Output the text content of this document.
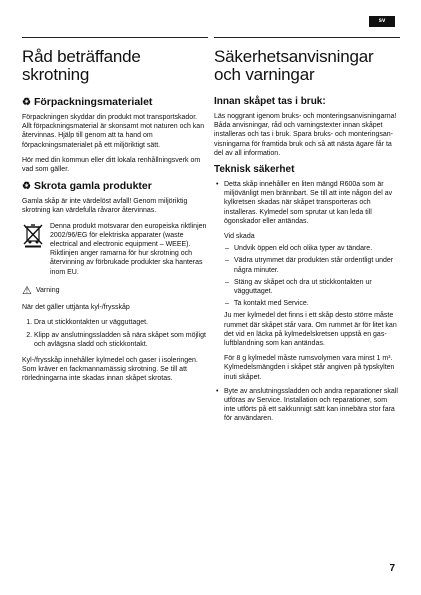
sv
Råd beträffande
skrotning
♻ Förpackningsmaterialet

Förpackningen skyddar din produkt mot transportskador. Allt förpackningsmaterial är skonsamt mot naturen och kan återvinnas. Hjälp till genom att ta hand om förpackningsmaterialet på ett miljöriktigt sätt.

Hör med din kommun eller ditt lokala renhållningsverk om vad som gäller.

♻ Skrota gamla produkter

Gamla skåp är inte värdelöst avfall! Genom miljöriktig skrotning kan värdefulla råvaror återvinnas.

Denna produkt motsvarar den europeiska riktlinjen 2002/96/EG för elektriska apparater (waste electrical and electronic equipment – WEEE). Riktlinjen anger ramarna för hur skrotning och återvinning av förbrukade produkter ska hanteras inom EU.

⚠ Varning

När det gäller uttjänta kyl-/frysskåp

1. Dra ut stickkontakten ur vägguttaget.
2. Klipp av anslutningssladden så nära skåpet som möjligt och avlägsna sladd och stickkontakt.

Kyl-/frysskåp innehåller kylmedel och gaser i isoleringen. Som kräver en fackmannamässig skrotning. Se till att rörledningarna inte skadas innan skåpet skrotas.

Säkerhetsanvisningar
och varningar
Innan skåpet tas i bruk:

Läs noggrant igenom bruks- och monteringsanvisningarna! Båda anvisningar, råd och varningstexter innan skåpet installeras och tas i bruk. Spara bruks- och monteringsan-visningarna för framtida bruk och så att nästa ägare får ta del av all information.

Teknisk säkerhet
• Detta skåp innehåller en liten mängd R600a som är miljövänligt men brännbart. Se till att inte någon del av kylkretsen skadas när skåpet transporteras och installeras. Kylmedel som sprutar ut kan leda till ögonskador eller antändas.
Vid skada
– Undvik öppen eld och olika typer av tändare.
– Vädra utrymmet där produkten står ordentligt under några minuter.
– Stäng av skåpet och dra ut stickkontakten ur vägguttaget.
– Ta kontakt med Service.
Ju mer kylmedel det finns i ett skåp desto större måste rummet där skåpet står vara. Om rummet är för litet kan det vid en läcka på kylmedelskretsen uppstå en gas-luftblandning som kan antändas.
För 8 g kylmedel måste rumsvolymen vara minst 1 m³. Kylmedelsmängden i skåpet står angiven på typskylten inuti skåpet.
• Byte av anslutningssladden och andra reparationer skall utföras av Service. Installation och reparationer, som inte utförts på ett sakkunnigt sätt kan innebära stor fara för användaren.
7
